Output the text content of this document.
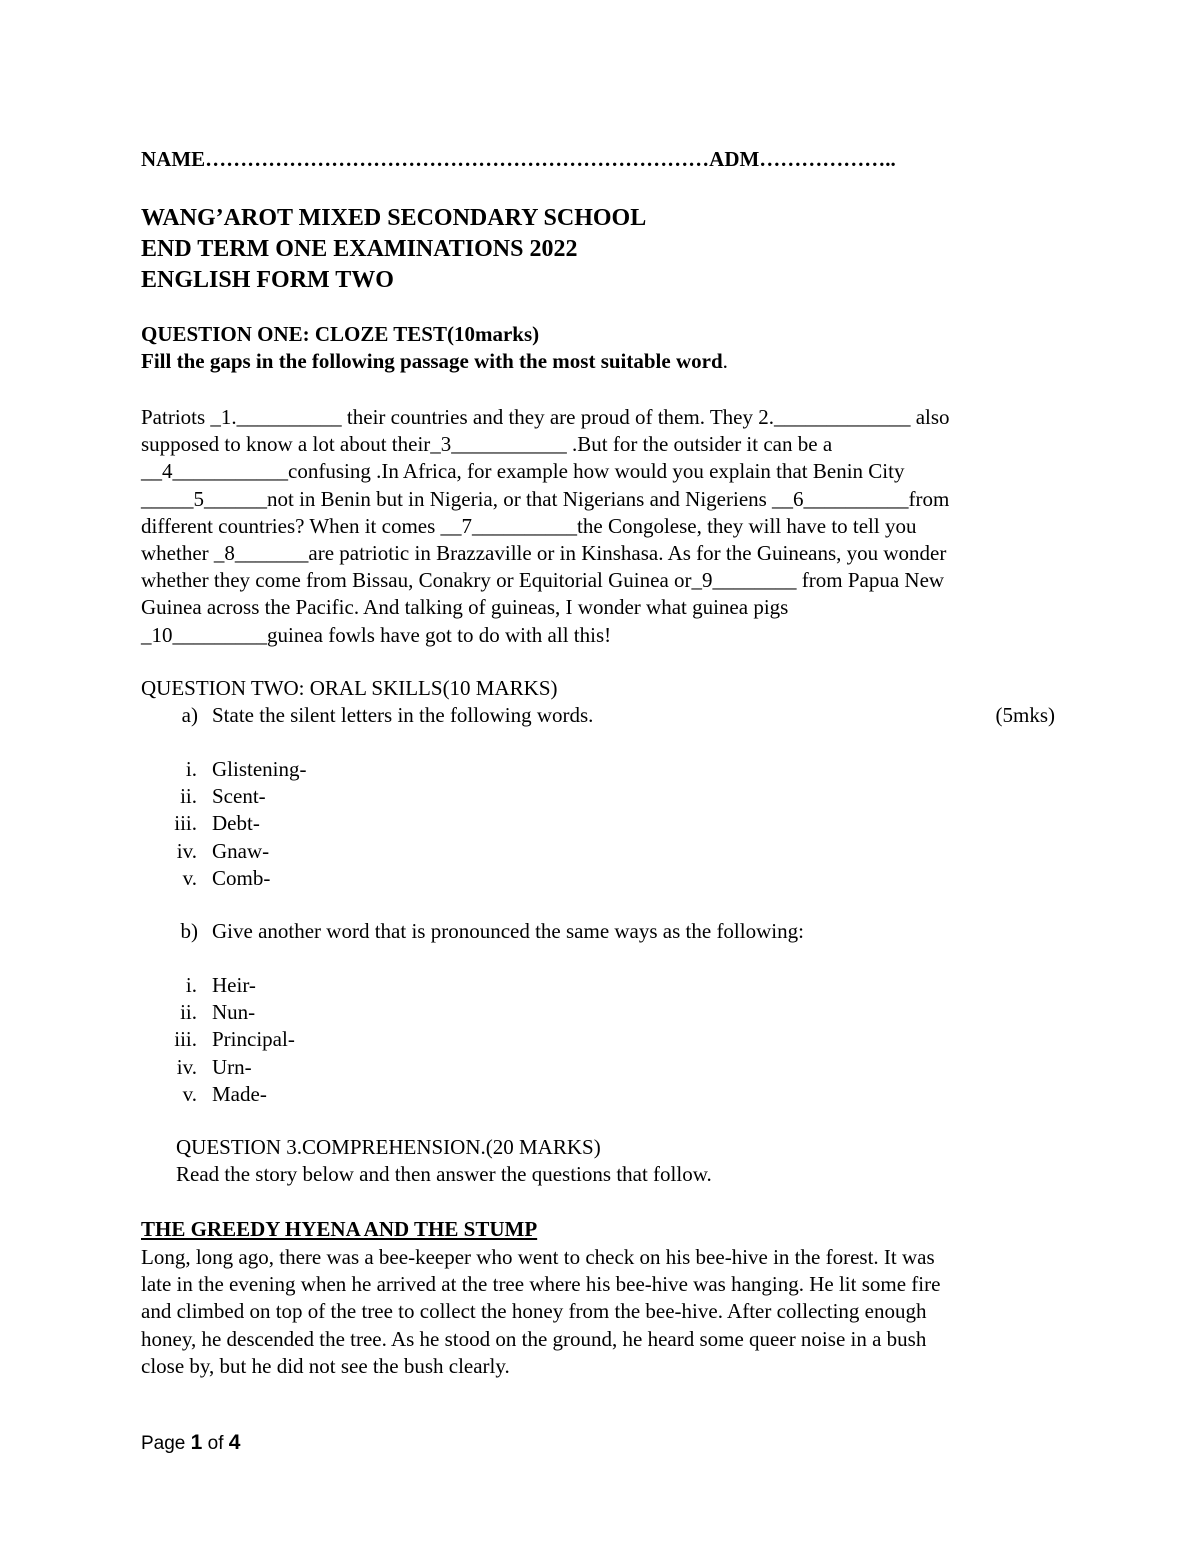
NAME………………………………………………………………ADM………………..
WANG’AROT MIXED SECONDARY SCHOOL
END TERM ONE EXAMINATIONS 2022
ENGLISH FORM TWO
QUESTION ONE: CLOZE TEST(10marks)
Fill the gaps in the following passage with the most suitable word.
Patriots _1.__________ their countries and they are proud of them. They 2._____________ also
supposed to know a lot about their_3___________ .But for the outsider it can be a
__4___________confusing .In Africa, for example how would you explain that Benin City
_____5______not in Benin but in Nigeria, or that Nigerians and Nigeriens __6__________from
different countries? When it comes __7__________the Congolese, they will have to tell you
whether _8_______are patriotic in Brazzaville or in Kinshasa. As for the Guineans, you wonder
whether they come from Bissau, Conakry or Equitorial Guinea or_9________ from Papua New
Guinea across the Pacific. And talking of guineas, I wonder what guinea pigs
_10_________guinea fowls have got to do with all this!
QUESTION TWO: ORAL SKILLS(10 MARKS)
a) State the silent letters in the following words.	(5mks)
i. Glistening-
ii. Scent-
iii. Debt-
iv. Gnaw-
v. Comb-
b) Give another word that is pronounced the same ways as the following:
i. Heir-
ii. Nun-
iii. Principal-
iv. Urn-
v. Made-
QUESTION 3.COMPREHENSION.(20 MARKS)
Read the story below and then answer the questions that follow.
THE GREEDY HYENA AND THE STUMP
Long, long ago, there was a bee-keeper who went to check on his bee-hive in the forest. It was
late in the evening when he arrived at the tree where his bee-hive was hanging. He lit some fire
and climbed on top of the tree to collect the honey from the bee-hive. After collecting enough
honey, he descended the tree. As he stood on the ground, he heard some queer noise in a bush
close by, but he did not see the bush clearly.
Page 1 of 4
